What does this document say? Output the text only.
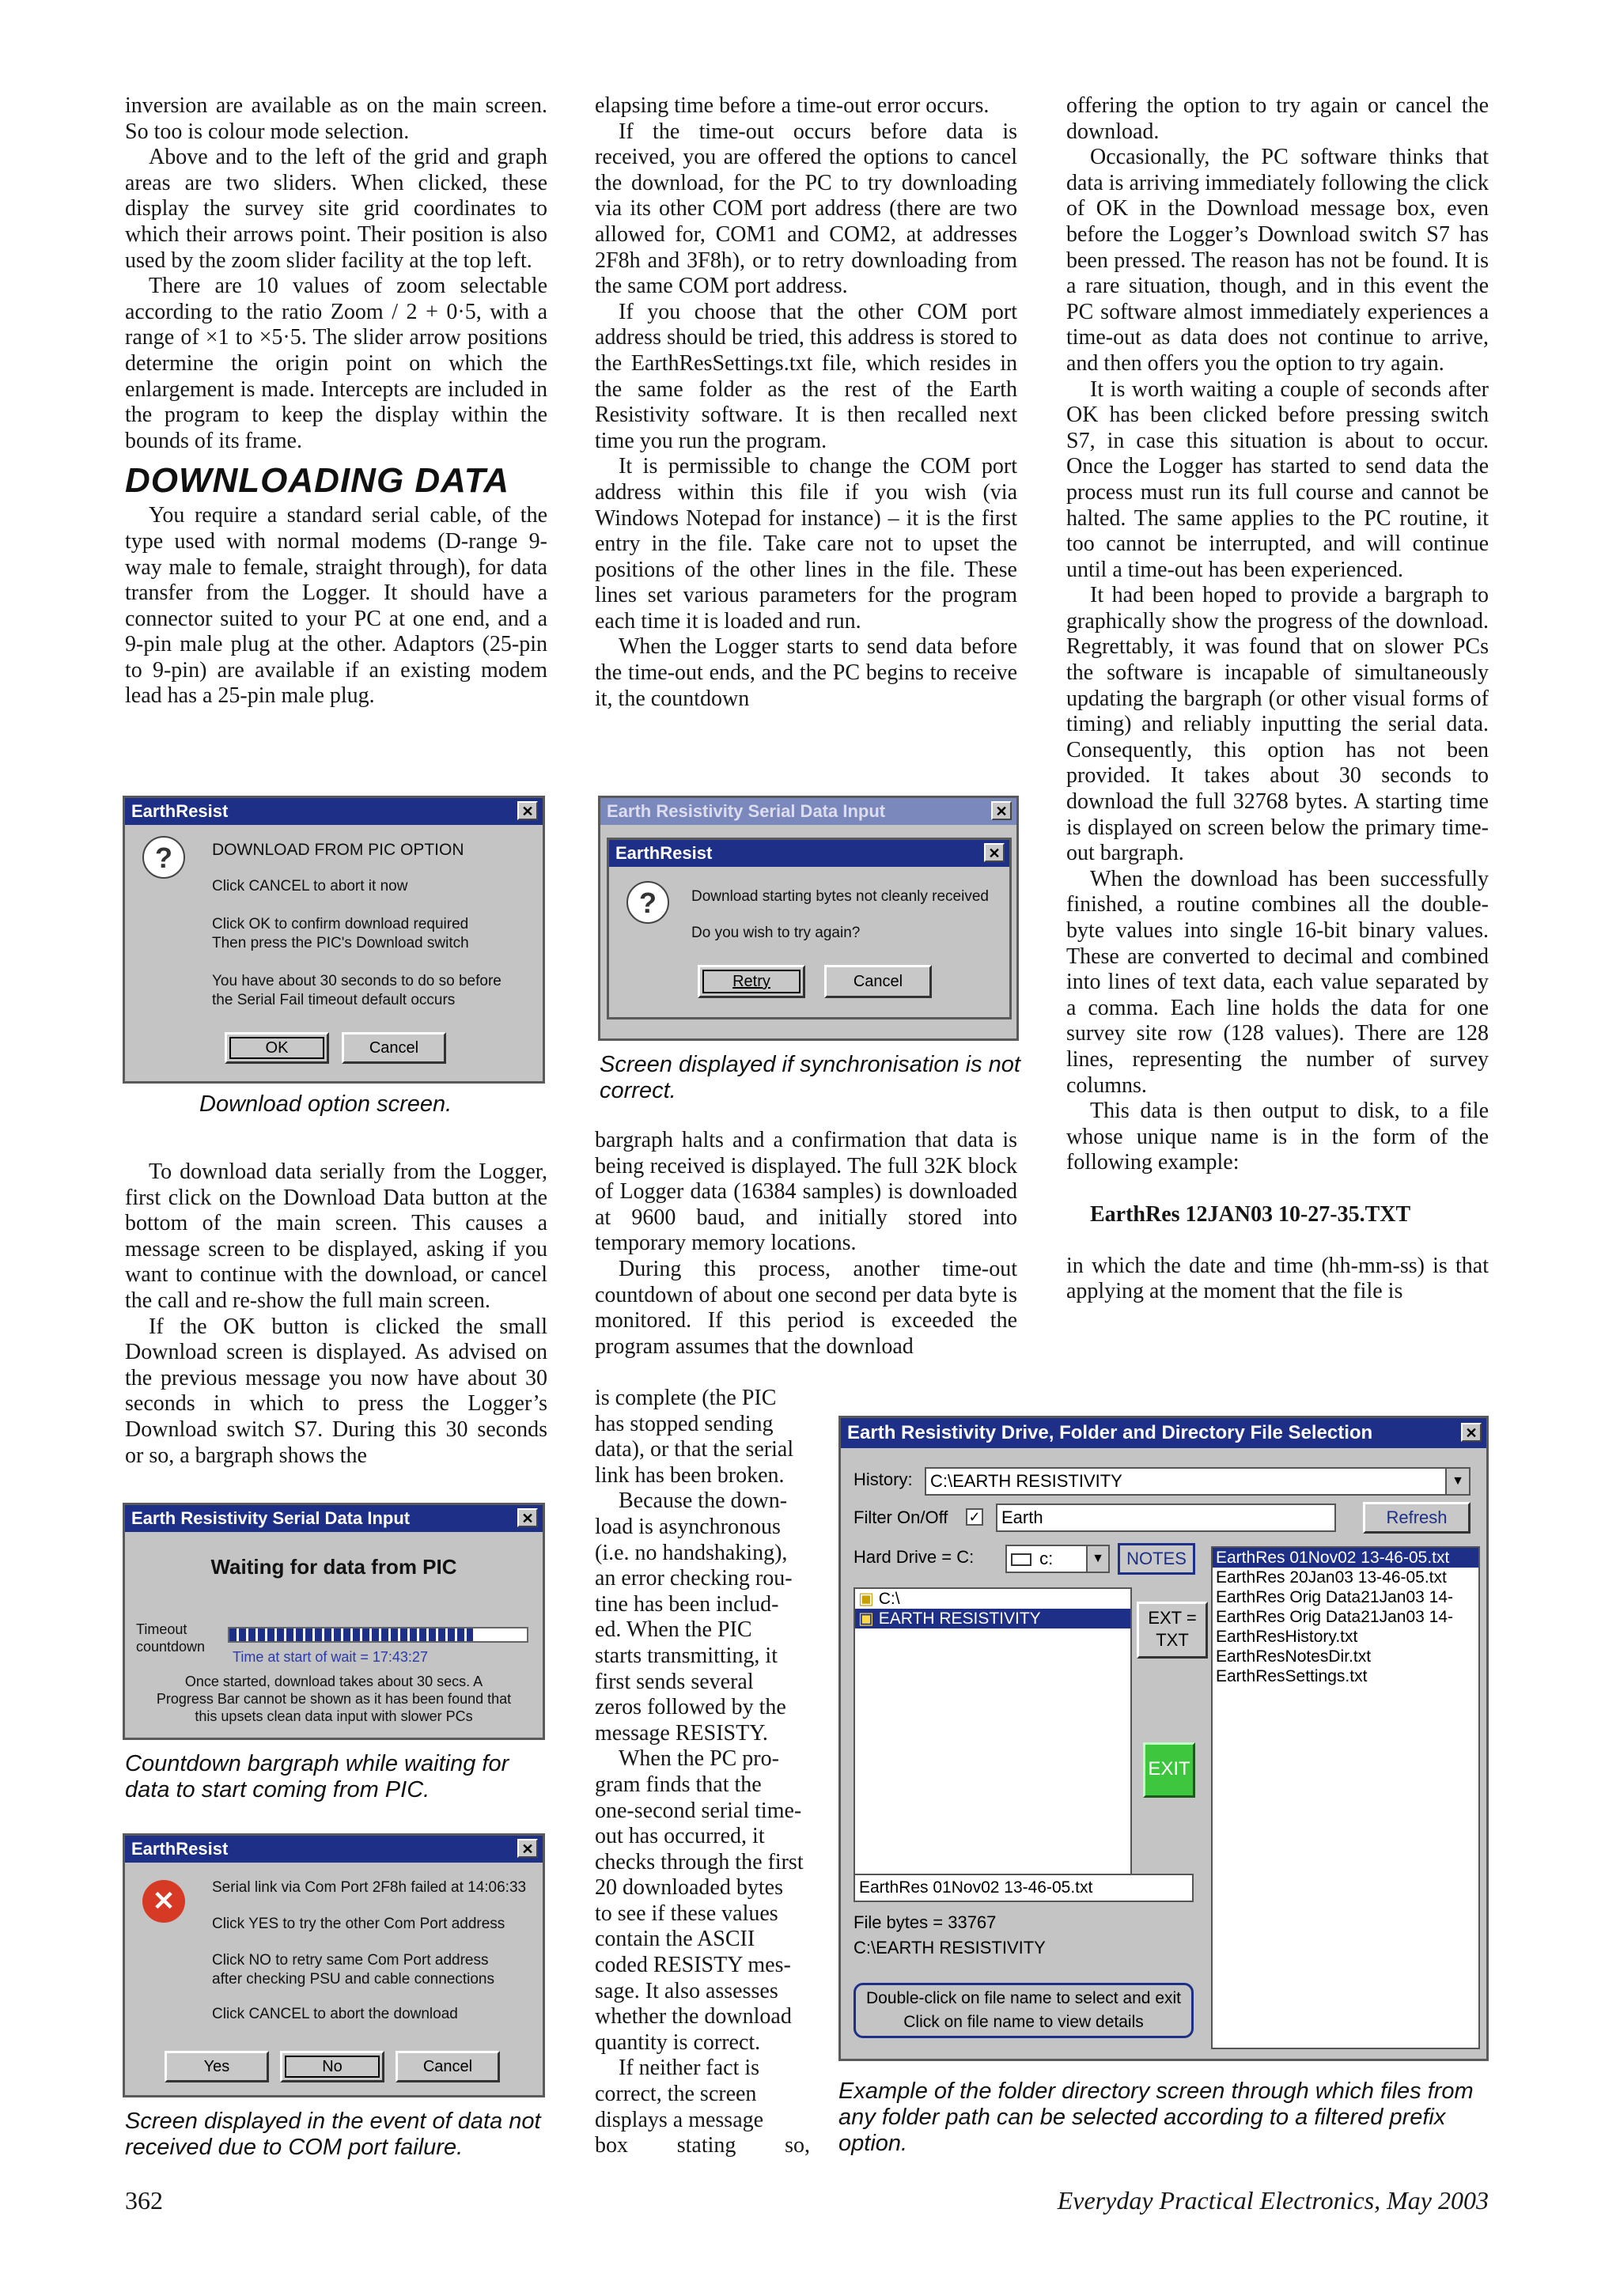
inversion are available as on the main screen. So too is colour mode selection.

Above and to the left of the grid and graph areas are two sliders. When clicked, these display the survey site grid coordinates to which their arrows point. Their position is also used by the zoom slider facility at the top left.

There are 10 values of zoom selectable according to the ratio Zoom / 2 + 0·5, with a range of ×1 to ×5·5. The slider arrow positions determine the origin point on which the enlargement is made. Intercepts are included in the program to keep the display within the bounds of its frame.

DOWNLOADING DATA

You require a standard serial cable, of the type used with normal modems (D-range 9-way male to female, straight through), for data transfer from the Logger. It should have a connector suited to your PC at one end, and a 9-pin male plug at the other. Adaptors (25-pin to 9-pin) are available if an existing modem lead has a 25-pin male plug.

EarthResist	✕
?	DOWNLOAD FROM PIC OPTION
Click CANCEL to abort it now
Click OK to confirm download required
Then press the PIC's Download switch
You have about 30 seconds to do so before
the Serial Fail timeout default occurs
OK	Cancel
Download option screen.

To download data serially from the Logger, first click on the Download Data button at the bottom of the main screen. This causes a message screen to be displayed, asking if you want to continue with the download, or cancel the call and re-show the full main screen.

If the OK button is clicked the small Download screen is displayed. As advised on the previous message you now have about 30 seconds in which to press the Logger’s Download switch S7. During this 30 seconds or so, a bargraph shows the

Earth Resistivity Serial Data Input	✕
Waiting for data from PIC
Timeout countdown
Time at start of wait = 17:43:27
Once started, download takes about 30 secs. A
Progress Bar cannot be shown as it has been found that
this upsets clean data input with slower PCs
Countdown bargraph while waiting for data to start coming from PIC.
EarthResist	✕
✕	Serial link via Com Port 2F8h failed at 14:06:33
Click YES to try the other Com Port address
Click NO to retry same Com Port address
after checking PSU and cable connections
Click CANCEL to abort the download
Yes	No	Cancel
Screen displayed in the event of data not received due to COM port failure.

elapsing time before a time-out error occurs.

If the time-out occurs before data is received, you are offered the options to cancel the download, for the PC to try downloading via its other COM port address (there are two allowed for, COM1 and COM2, at addresses 2F8h and 3F8h), or to retry downloading from the same COM port address.

If you choose that the other COM port address should be tried, this address is stored to the EarthResSettings.txt file, which resides in the same folder as the rest of the Earth Resistivity software. It is then recalled next time you run the program.

It is permissible to change the COM port address within this file if you wish (via Windows Notepad for instance) – it is the first entry in the file. Take care not to upset the positions of the other lines in the file. These lines set various parameters for the program each time it is loaded and run.

When the Logger starts to send data before the time-out ends, and the PC begins to receive it, the countdown

Earth Resistivity Serial Data Input	✕
EarthResist	✕
?	Download starting bytes not cleanly received
Do you wish to try again?
Retry	Cancel
Screen displayed if synchronisation is not correct.

bargraph halts and a confirmation that data is being received is displayed. The full 32K block of Logger data (16384 samples) is downloaded at 9600 baud, and initially stored into temporary memory locations.

During this process, another time-out countdown of about one second per data byte is monitored. If this period is exceeded the program assumes that the download

is complete (the PIC

has stopped sending

data), or that the serial

link has been broken.

Because the down-

load is asynchronous

(i.e. no handshaking),

an error checking rou-

tine has been includ-

ed. When the PIC

starts transmitting, it

first sends several

zeros followed by the

message RESISTY.

When the PC pro-

gram finds that the

one-second serial time-

out has occurred, it

checks through the first

20 downloaded bytes

to see if these values

contain the ASCII

coded RESISTY mes-

sage. It also assesses

whether the download

quantity is correct.

If neither fact is

correct, the screen

displays a message

box stating so,

offering the option to try again or cancel the download.

Occasionally, the PC software thinks that data is arriving immediately following the click of OK in the Download message box, even before the Logger’s Download switch S7 has been pressed. The reason has not be found. It is a rare situation, though, and in this event the PC software almost immediately experiences a time-out as data does not continue to arrive, and then offers you the option to try again.

It is worth waiting a couple of seconds after OK has been clicked before pressing switch S7, in case this situation is about to occur. Once the Logger has started to send data the process must run its full course and cannot be halted. The same applies to the PC routine, it too cannot be interrupted, and will continue until a time-out has been experienced.

It had been hoped to provide a bargraph to graphically show the progress of the download. Regrettably, it was found that on slower PCs the software is incapable of simultaneously updating the bargraph (or other visual forms of timing) and reliably inputting the serial data. Consequently, this option has not been provided. It takes about 30 seconds to download the full 32768 bytes. A starting time is displayed on screen below the primary time-out bargraph.

When the download has been successfully finished, a routine combines all the double-byte values into single 16-bit binary values. These are converted to decimal and combined into lines of text data, each value separated by a comma. Each line holds the data for one survey site row (128 values). There are 128 lines, representing the number of survey columns.

This data is then output to disk, to a file whose unique name is in the form of the following example:

EarthRes 12JAN03 10-27-35.TXT

in which the date and time (hh-mm-ss) is that applying at the moment that the file is

Earth Resistivity Drive, Folder and Directory File Selection	✕
History:	C:\EARTH RESISTIVITY	▼
Filter On/Off ✓	Earth	Refresh
Hard Drive = C:	c:	▼	NOTES
▣ C:\
▣ EARTH RESISTIVITY	EXT =
TXT
EXIT
EarthRes 01Nov02 13-46-05.txt
EarthRes 20Jan03 13-46-05.txt
EarthRes Orig Data21Jan03 14-
EarthRes Orig Data21Jan03 14-
EarthResHistory.txt
EarthResNotesDir.txt
EarthResSettings.txt
EarthRes 01Nov02 13-46-05.txt
File bytes = 33767
C:\EARTH RESISTIVITY
Double-click on file name to select and exit
Click on file name to view details
Example of the folder directory screen through which files from any folder path can be selected according to a filtered prefix option.
362	Everyday Practical Electronics, May 2003
